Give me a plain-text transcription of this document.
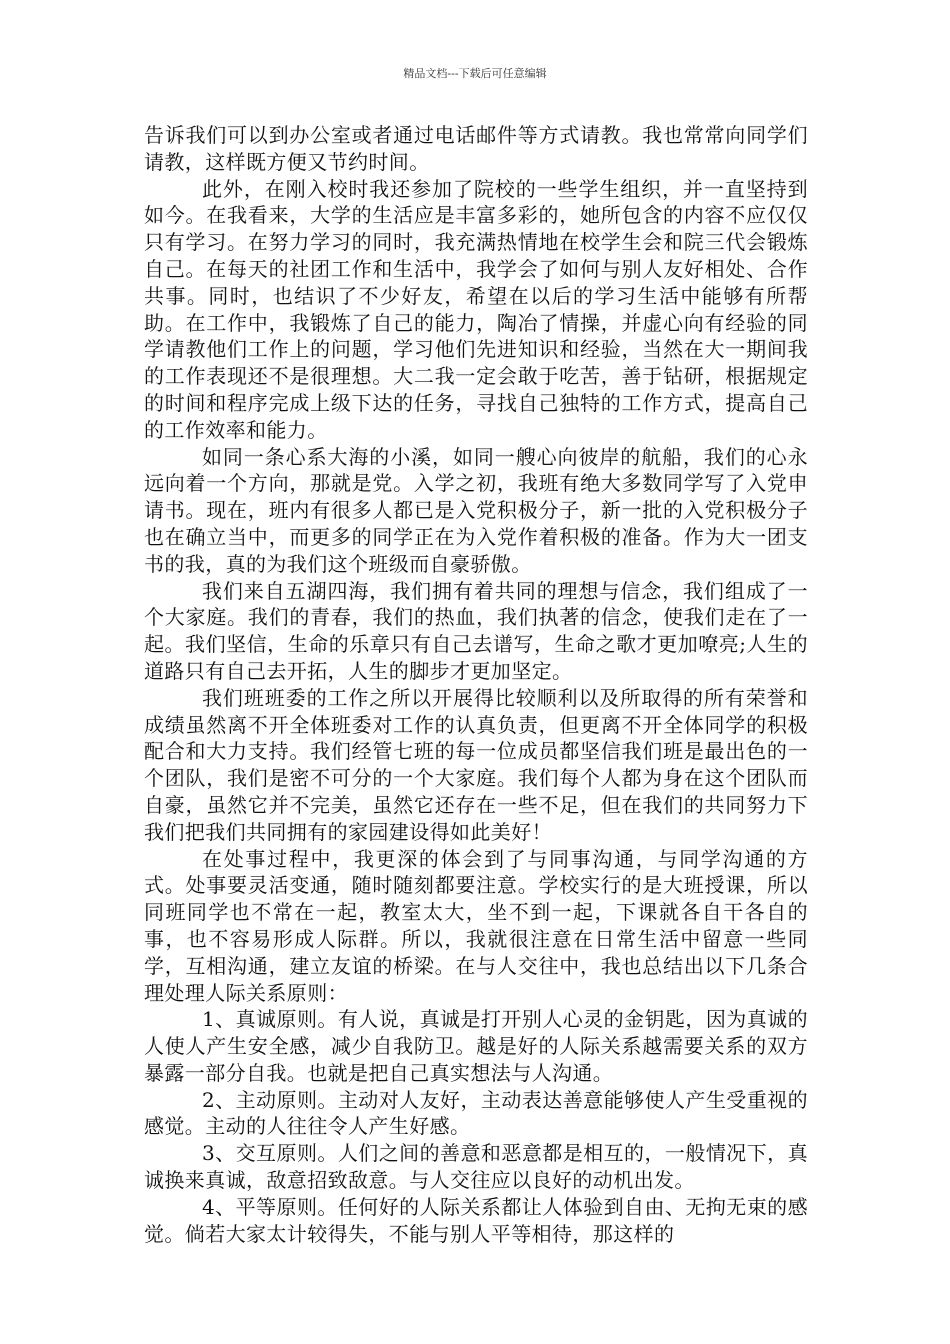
精品文档---下载后可任意编辑

告诉我们可以到办公室或者通过电话邮件等方式请教。我也常常向同学们请教，这样既方便又节约时间。

此外，在刚入校时我还参加了院校的一些学生组织，并一直坚持到如今。在我看来，大学的生活应是丰富多彩的，她所包含的内容不应仅仅只有学习。在努力学习的同时，我充满热情地在校学生会和院三代会锻炼自己。在每天的社团工作和生活中，我学会了如何与别人友好相处、合作共事。同时，也结识了不少好友，希望在以后的学习生活中能够有所帮助。在工作中，我锻炼了自己的能力，陶冶了情操，并虚心向有经验的同学请教他们工作上的问题，学习他们先进知识和经验，当然在大一期间我的工作表现还不是很理想。大二我一定会敢于吃苦，善于钻研，根据规定的时间和程序完成上级下达的任务，寻找自己独特的工作方式，提高自己的工作效率和能力。

如同一条心系大海的小溪，如同一艘心向彼岸的航船，我们的心永远向着一个方向，那就是党。入学之初，我班有绝大多数同学写了入党申请书。现在，班内有很多人都已是入党积极分子，新一批的入党积极分子也在确立当中，而更多的同学正在为入党作着积极的准备。作为大一团支书的我，真的为我们这个班级而自豪骄傲。

我们来自五湖四海，我们拥有着共同的理想与信念，我们组成了一个大家庭。我们的青春，我们的热血，我们执著的信念，使我们走在了一起。我们坚信，生命的乐章只有自己去谱写，生命之歌才更加嘹亮;人生的道路只有自己去开拓，人生的脚步才更加坚定。

我们班班委的工作之所以开展得比较顺利以及所取得的所有荣誉和成绩虽然离不开全体班委对工作的认真负责，但更离不开全体同学的积极配合和大力支持。我们经管七班的每一位成员都坚信我们班是最出色的一个团队，我们是密不可分的一个大家庭。我们每个人都为身在这个团队而自豪，虽然它并不完美，虽然它还存在一些不足，但在我们的共同努力下我们把我们共同拥有的家园建设得如此美好！

在处事过程中，我更深的体会到了与同事沟通，与同学沟通的方式。处事要灵活变通，随时随刻都要注意。学校实行的是大班授课，所以同班同学也不常在一起，教室太大，坐不到一起，下课就各自干各自的事，也不容易形成人际群。所以，我就很注意在日常生活中留意一些同学，互相沟通，建立友谊的桥梁。在与人交往中，我也总结出以下几条合理处理人际关系原则：

1、真诚原则。有人说，真诚是打开别人心灵的金钥匙，因为真诚的人使人产生安全感，减少自我防卫。越是好的人际关系越需要关系的双方暴露一部分自我。也就是把自己真实想法与人沟通。

2、主动原则。主动对人友好，主动表达善意能够使人产生受重视的感觉。主动的人往往令人产生好感。

3、交互原则。人们之间的善意和恶意都是相互的，一般情况下，真诚换来真诚，敌意招致敌意。与人交往应以良好的动机出发。

4、平等原则。任何好的人际关系都让人体验到自由、无拘无束的感觉。倘若大家太计较得失，不能与别人平等相待，那这样的
